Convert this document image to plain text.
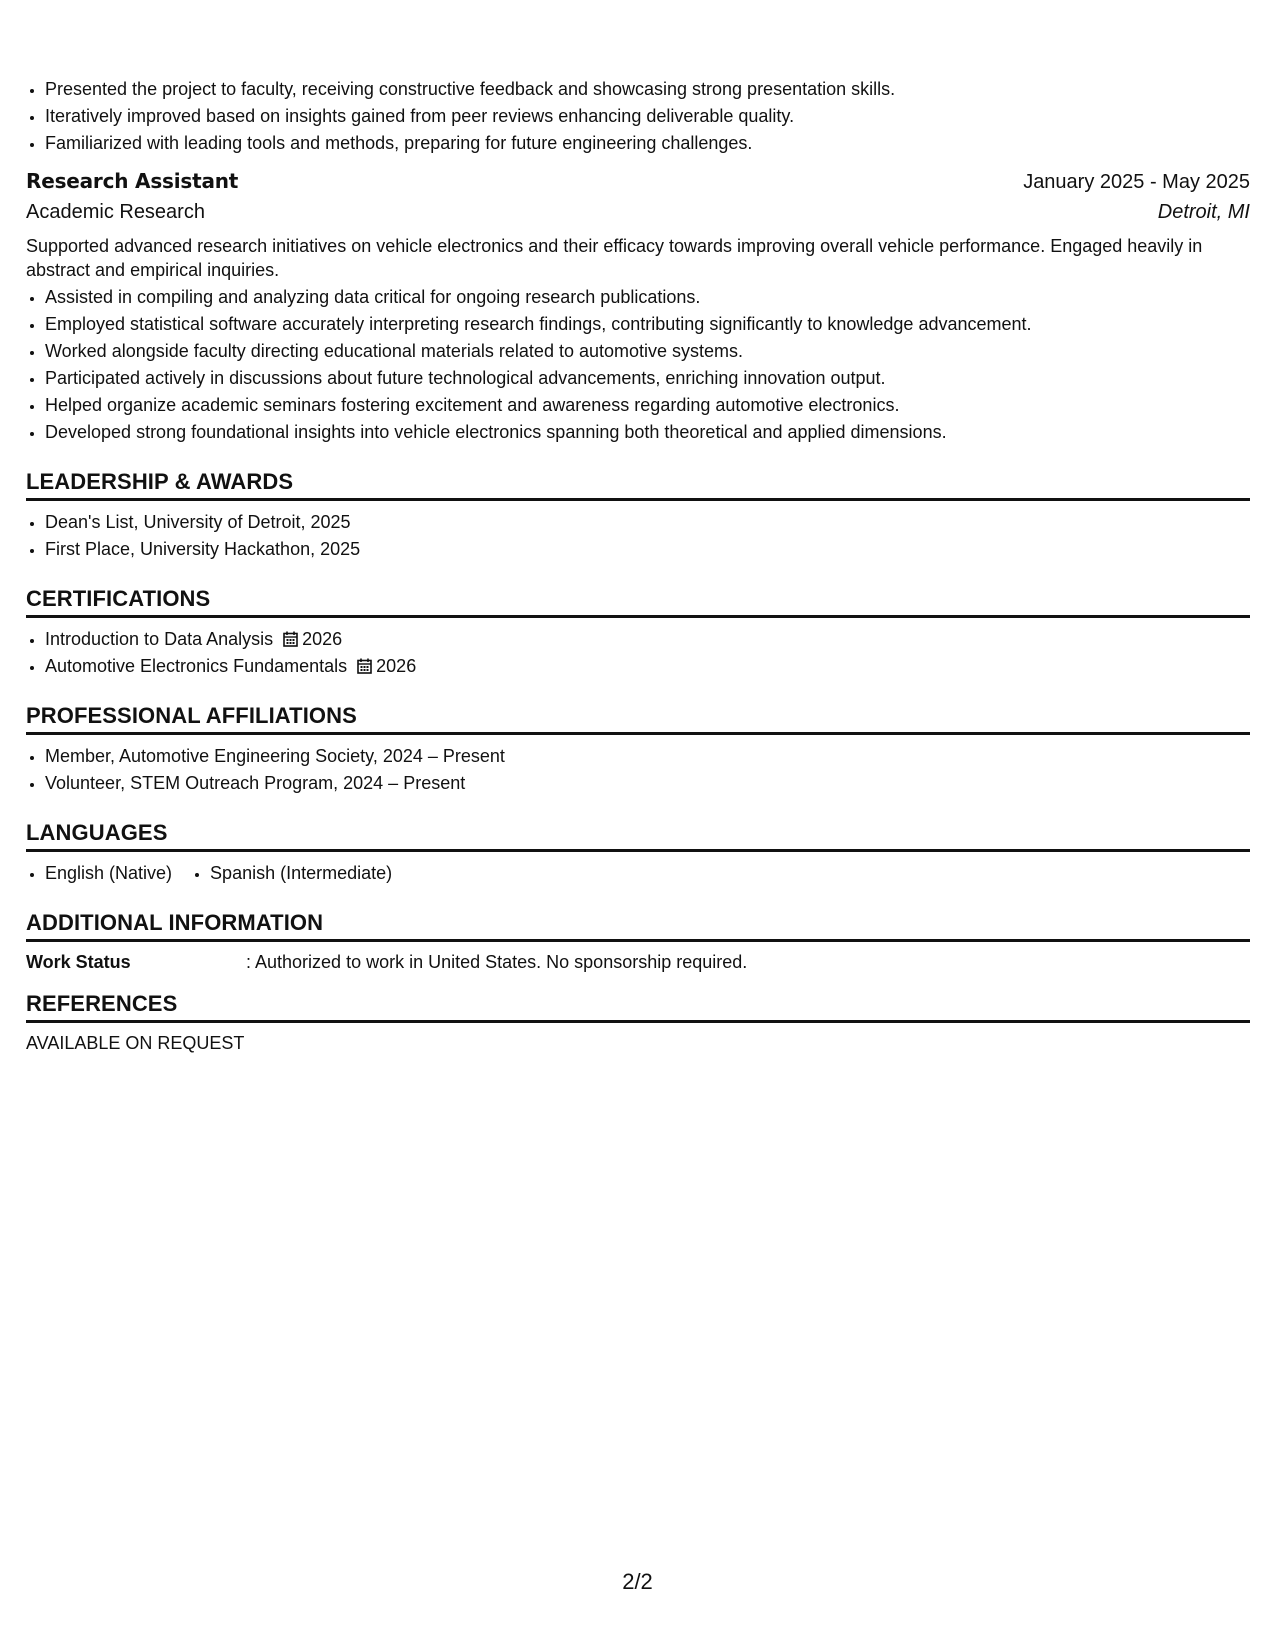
• Presented the project to faculty, receiving constructive feedback and showcasing strong presentation skills.
• Iteratively improved based on insights gained from peer reviews enhancing deliverable quality.
• Familiarized with leading tools and methods, preparing for future engineering challenges.
Research Assistant	January 2025 - May 2025
Academic Research	Detroit, MI
Supported advanced research initiatives on vehicle electronics and their efficacy towards improving overall vehicle performance. Engaged heavily in abstract and empirical inquiries.
• Assisted in compiling and analyzing data critical for ongoing research publications.
• Employed statistical software accurately interpreting research findings, contributing significantly to knowledge advancement.
• Worked alongside faculty directing educational materials related to automotive systems.
• Participated actively in discussions about future technological advancements, enriching innovation output.
• Helped organize academic seminars fostering excitement and awareness regarding automotive electronics.
• Developed strong foundational insights into vehicle electronics spanning both theoretical and applied dimensions.
LEADERSHIP & AWARDS
• Dean's List, University of Detroit, 2025
• First Place, University Hackathon, 2025
CERTIFICATIONS
• Introduction to Data Analysis 2026
• Automotive Electronics Fundamentals 2026
PROFESSIONAL AFFILIATIONS
• Member, Automotive Engineering Society, 2024 – Present
• Volunteer, STEM Outreach Program, 2024 – Present
LANGUAGES
• English (Native)
• Spanish (Intermediate)
ADDITIONAL INFORMATION
Work Status	: Authorized to work in United States. No sponsorship required.
REFERENCES
AVAILABLE ON REQUEST
2/2
